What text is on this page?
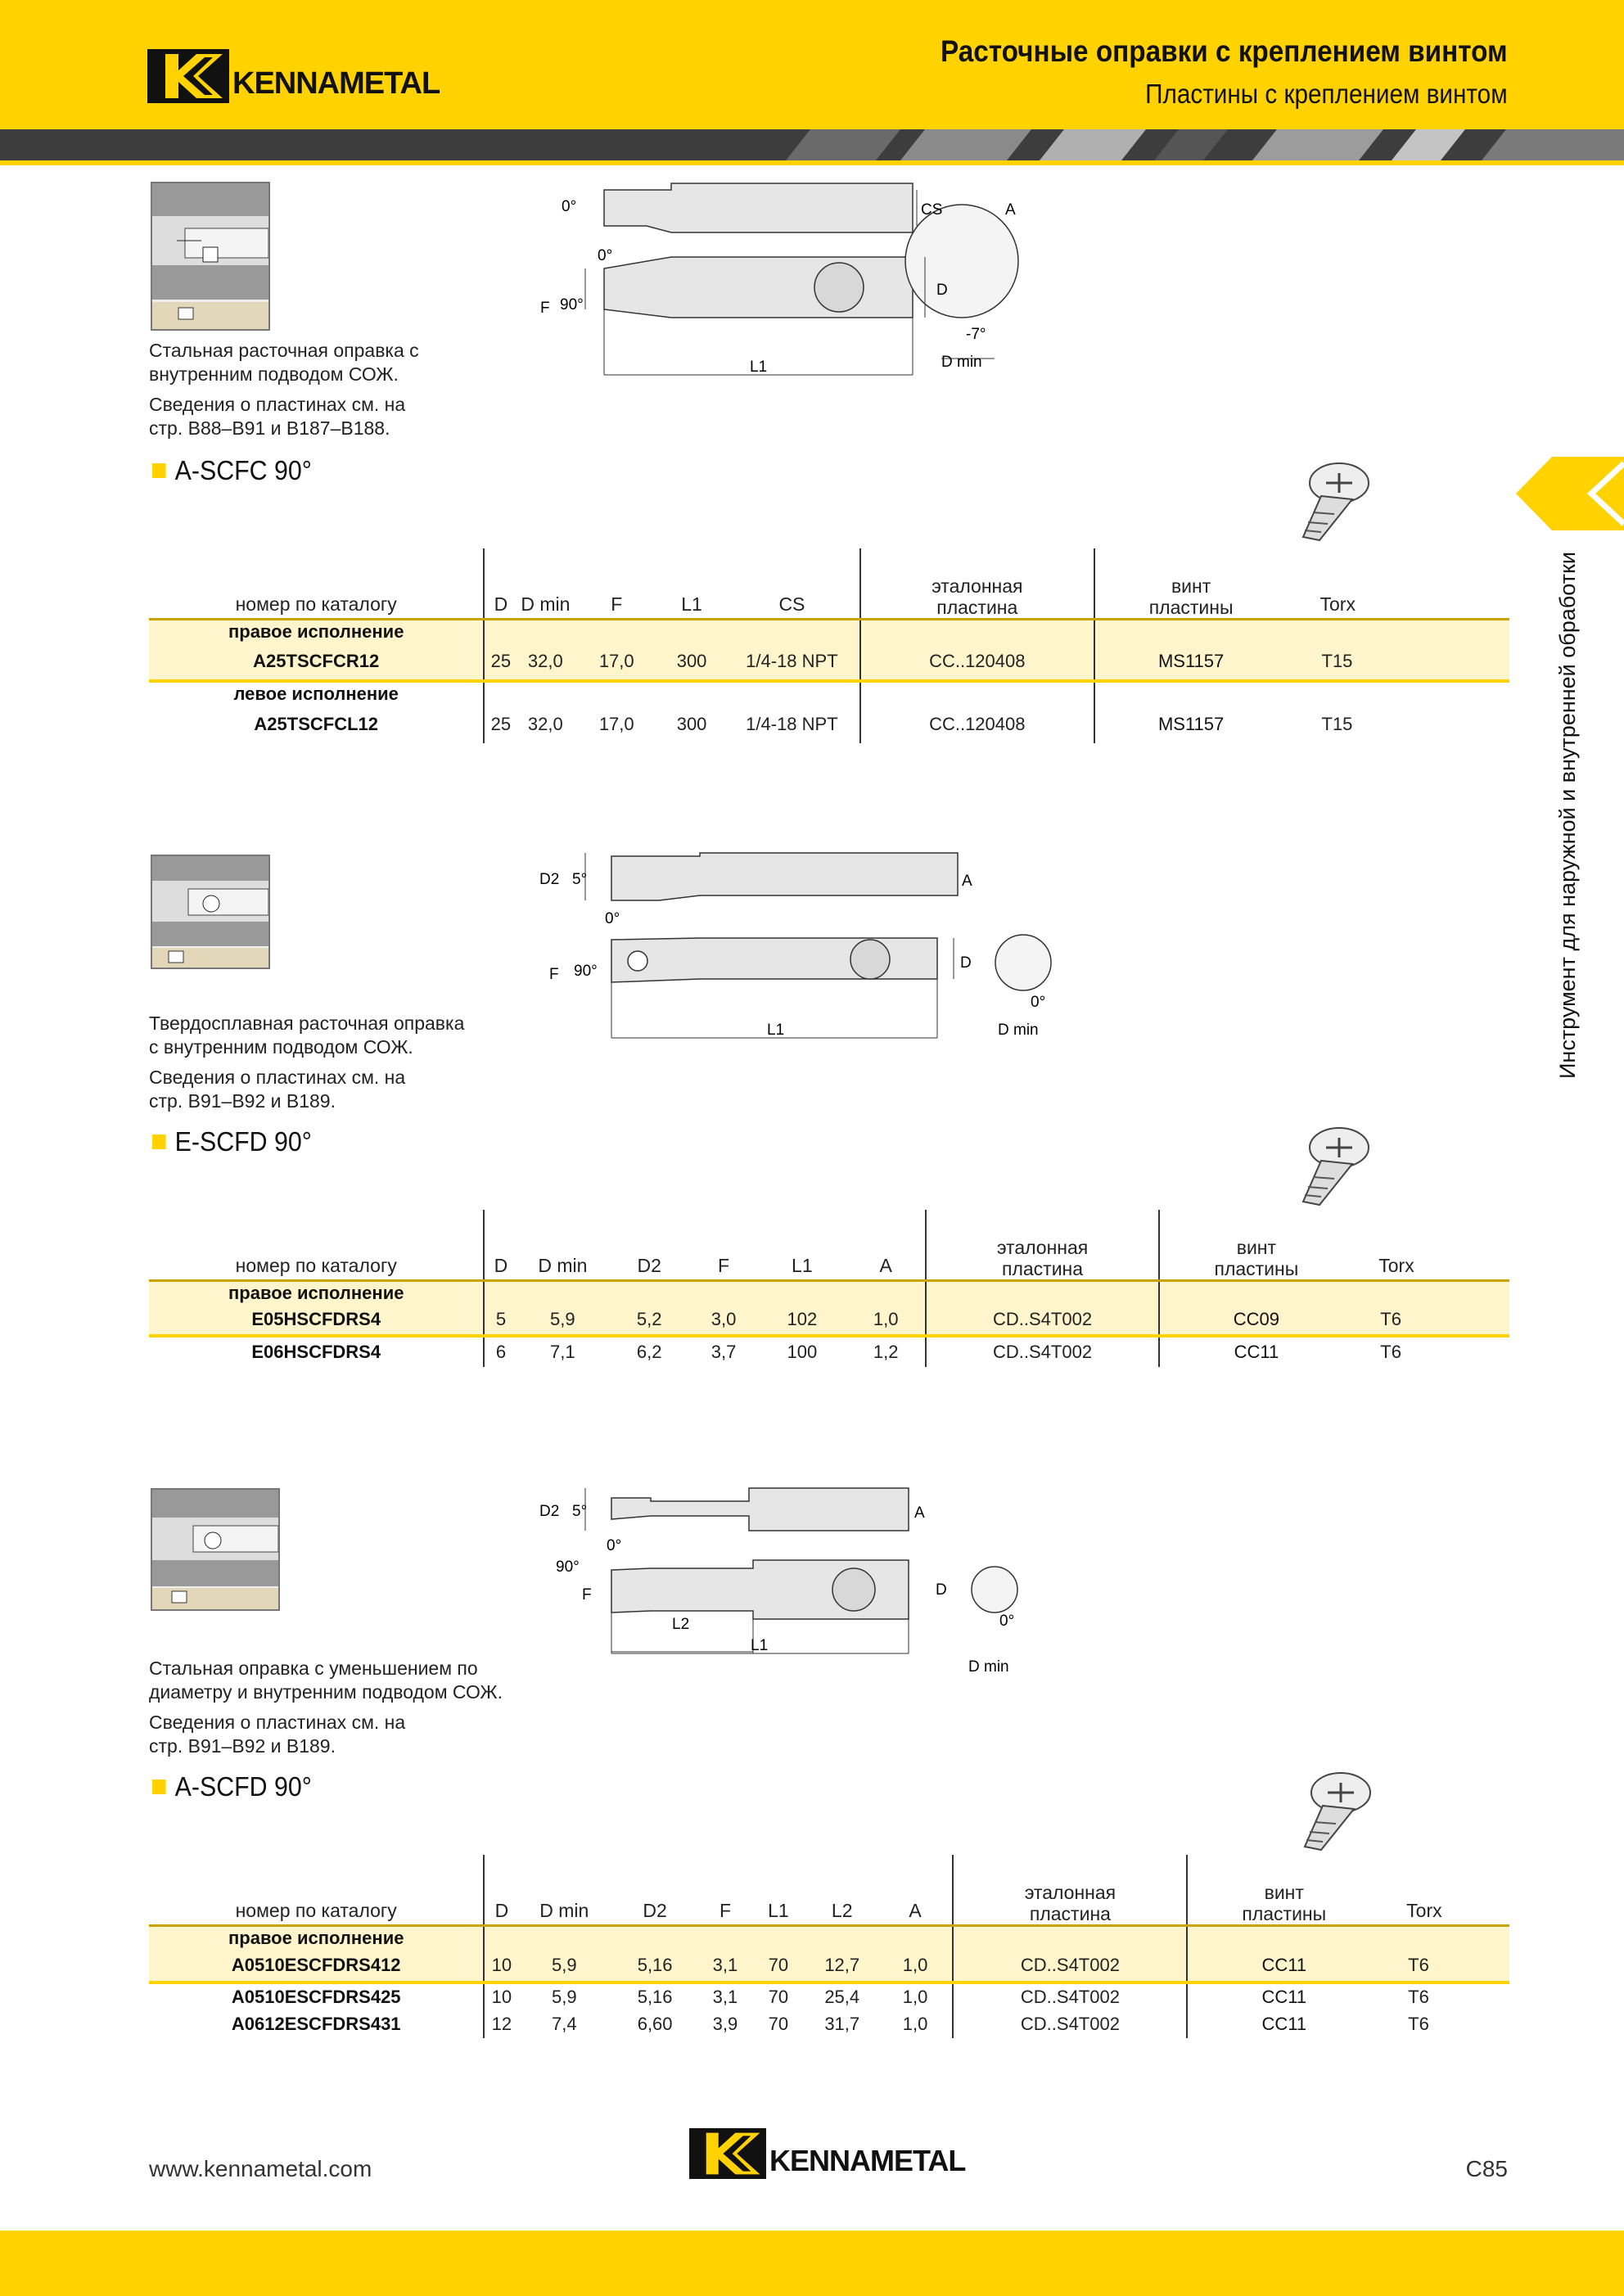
KENNAMETAL
Расточные оправки с креплением винтом
Пластины с креплением винтом
Инструмент для наружной и внутренней обработки
Стальная расточная оправка с
внутренним подводом СОЖ.
Сведения о пластинах см. на
стр. B88–B91 и B187–B188.
0°	CS	A
0°
F 90°
D
L1
-7°
D min
A-SCFC 90°
номер по каталогу	D	D min	F	L1	CS	эталонная пластина	винт пластины	Torx
правое исполнение								
A25TSCFCR12	25	32,0	17,0	300	1/4-18 NPT	CC..120408	MS1157	T15
левое исполнение								
A25TSCFCL12	25	32,0	17,0	300	1/4-18 NPT	CC..120408	MS1157	T15
Твердосплавная расточная оправка
с внутренним подводом СОЖ.
Сведения о пластинах см. на
стр. B91–B92 и B189.
D2 5°	A
0°
F 90°	D
0°
L1	D min
E-SCFD 90°
номер по каталогу	D	D min	D2	F	L1	A	эталонная пластина	винт пластины	Torx
правое исполнение									
E05HSCFDRS4	5	5,9	5,2	3,0	102	1,0	CD..S4T002	CC09	T6
E06HSCFDRS4	6	7,1	6,2	3,7	100	1,2	CD..S4T002	CC11	T6
Стальная оправка с уменьшением по
диаметру и внутренним подводом СОЖ.
Сведения о пластинах см. на
стр. B91–B92 и B189.
D2 5°	A
0°
90°
F	D
L2
L1
0°
D min
A-SCFD 90°
номер по каталогу	D	D min	D2	F	L1	L2	A	эталонная пластина	винт пластины	Torx
правое исполнение										
A0510ESCFDRS412	10	5,9	5,16	3,1	70	12,7	1,0	CD..S4T002	CC11	T6
A0510ESCFDRS425	10	5,9	5,16	3,1	70	25,4	1,0	CD..S4T002	CC11	T6
A0612ESCFDRS431	12	7,4	6,60	3,9	70	31,7	1,0	CD..S4T002	CC11	T6
www.kennametal.com	KENNAMETAL	C85
